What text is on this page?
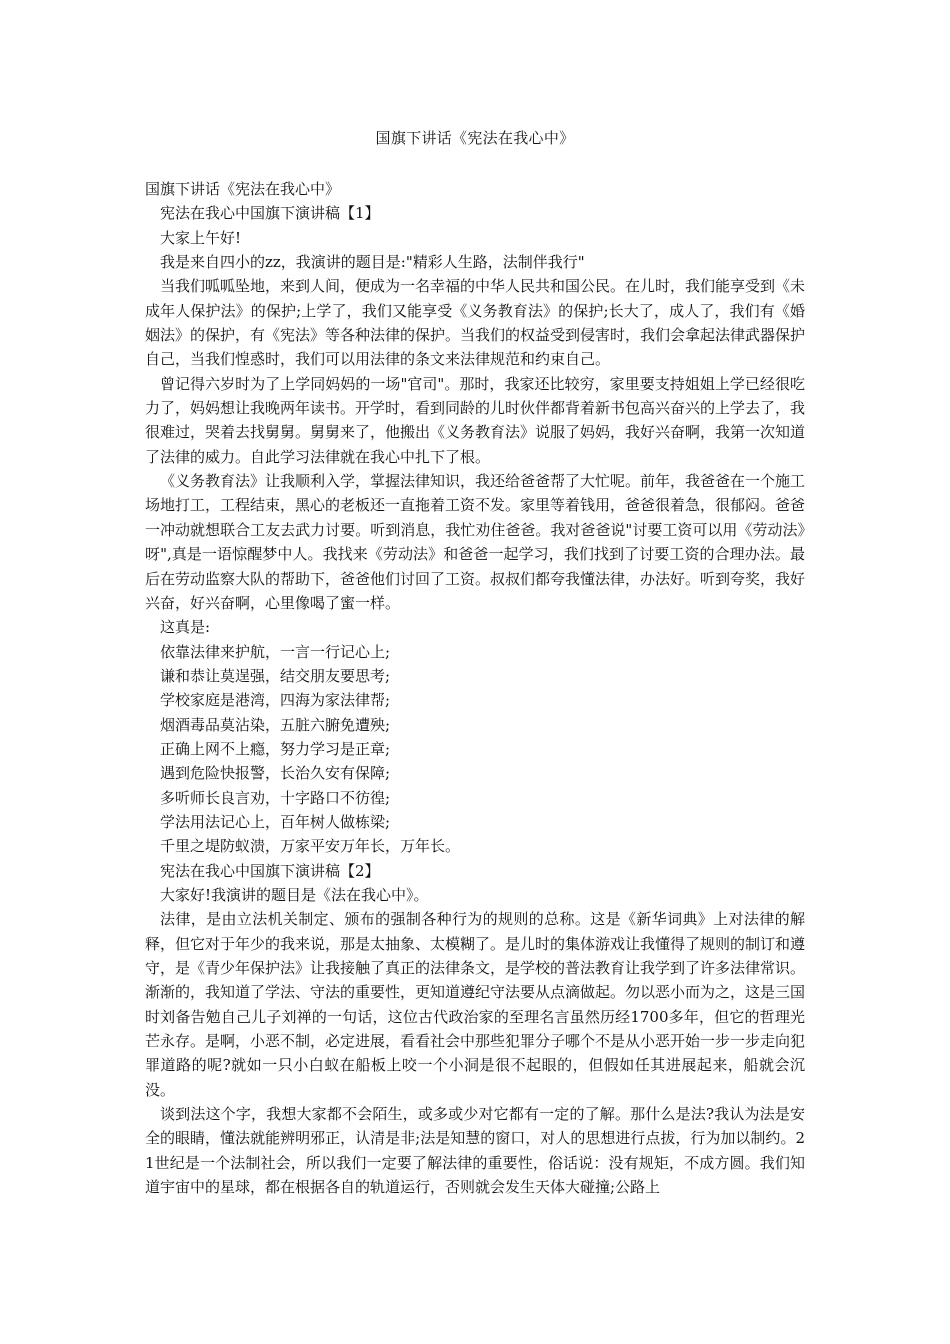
国旗下讲话《宪法在我心中》

国旗下讲话《宪法在我心中》

宪法在我心中国旗下演讲稿【1】

大家上午好!

我是来自四小的zz，我演讲的题目是:"精彩人生路，法制伴我行"

当我们呱呱坠地，来到人间，便成为一名幸福的中华人民共和国公民。在儿时，我们能享受到《未成年人保护法》的保护;上学了，我们又能享受《义务教育法》的保护;长大了，成人了，我们有《婚姻法》的保护，有《宪法》等各种法律的保护。当我们的权益受到侵害时，我们会拿起法律武器保护自己，当我们惶惑时，我们可以用法律的条文来法律规范和约束自己。

曾记得六岁时为了上学同妈妈的一场"官司"。那时，我家还比较穷，家里要支持姐姐上学已经很吃力了，妈妈想让我晚两年读书。开学时，看到同龄的儿时伙伴都背着新书包高兴奋兴的上学去了，我很难过，哭着去找舅舅。舅舅来了，他搬出《义务教育法》说服了妈妈，我好兴奋啊，我第一次知道了法律的威力。自此学习法律就在我心中扎下了根。

《义务教育法》让我顺利入学，掌握法律知识，我还给爸爸帮了大忙呢。前年，我爸爸在一个施工场地打工，工程结束，黑心的老板还一直拖着工资不发。家里等着钱用，爸爸很着急，很郁闷。爸爸一冲动就想联合工友去武力讨要。听到消息，我忙劝住爸爸。我对爸爸说"讨要工资可以用《劳动法》呀",真是一语惊醒梦中人。我找来《劳动法》和爸爸一起学习，我们找到了讨要工资的合理办法。最后在劳动监察大队的帮助下，爸爸他们讨回了工资。叔叔们都夸我懂法律，办法好。听到夸奖，我好兴奋，好兴奋啊，心里像喝了蜜一样。

这真是:

依靠法律来护航，一言一行记心上;

谦和恭让莫逞强，结交朋友要思考;

学校家庭是港湾，四海为家法律帮;

烟酒毒品莫沾染，五脏六腑免遭殃;

正确上网不上瘾，努力学习是正章;

遇到危险快报警，长治久安有保障;

多听师长良言劝，十字路口不彷徨;

学法用法记心上，百年树人做栋梁;

千里之堤防蚁溃，万家平安万年长，万年长。

宪法在我心中国旗下演讲稿【2】

大家好!我演讲的题目是《法在我心中》。

法律，是由立法机关制定、颁布的强制各种行为的规则的总称。这是《新华词典》上对法律的解释，但它对于年少的我来说，那是太抽象、太模糊了。是儿时的集体游戏让我懂得了规则的制订和遵守，是《青少年保护法》让我接触了真正的法律条文，是学校的普法教育让我学到了许多法律常识。渐渐的，我知道了学法、守法的重要性，更知道遵纪守法要从点滴做起。勿以恶小而为之，这是三国时刘备告勉自己儿子刘禅的一句话，这位古代政治家的至理名言虽然历经1700多年，但它的哲理光芒永存。是啊，小恶不制，必定进展，看看社会中那些犯罪分子哪个不是从小恶开始一步一步走向犯罪道路的呢?就如一只小白蚁在船板上咬一个小洞是很不起眼的，但假如任其进展起来，船就会沉没。

谈到法这个字，我想大家都不会陌生，或多或少对它都有一定的了解。那什么是法?我认为法是安全的眼睛，懂法就能辨明邪正，认清是非;法是知慧的窗口，对人的思想进行点拔，行为加以制约。21世纪是一个法制社会，所以我们一定要了解法律的重要性，俗话说：没有规矩，不成方圆。我们知道宇宙中的星球，都在根据各自的轨道运行，否则就会发生天体大碰撞;公路上
